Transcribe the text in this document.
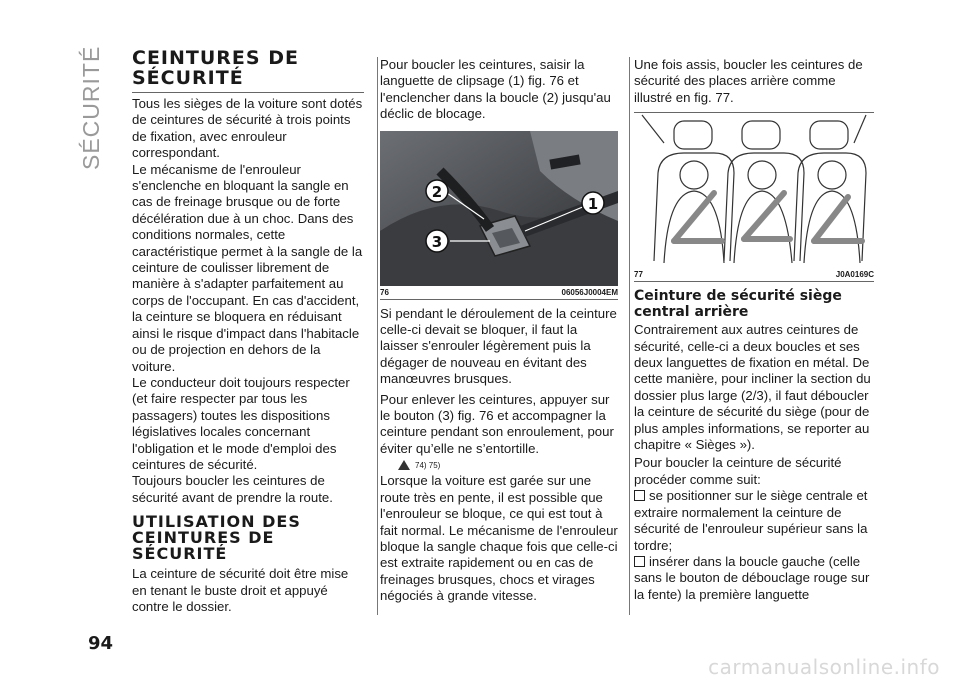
SÉCURITÉ
94
CEINTURES DE SÉCURITÉ

Tous les sièges de la voiture sont dotés de ceintures de sécurité à trois points de fixation, avec enrouleur correspondant.

Le mécanisme de l'enrouleur s'enclenche en bloquant la sangle en cas de freinage brusque ou de forte décélération due à un choc. Dans des conditions normales, cette caractéristique permet à la sangle de la ceinture de coulisser librement de manière à s'adapter parfaitement au corps de l'occupant. En cas d'accident, la ceinture se bloquera en réduisant ainsi le risque d'impact dans l'habitacle ou de projection en dehors de la voiture.

Le conducteur doit toujours respecter (et faire respecter par tous les passagers) toutes les dispositions législatives locales concernant l'obligation et le mode d'emploi des ceintures de sécurité.

Toujours boucler les ceintures de sécurité avant de prendre la route.

UTILISATION DES CEINTURES DE SÉCURITÉ

La ceinture de sécurité doit être mise en tenant le buste droit et appuyé contre le dossier.

Pour boucler les ceintures, saisir la languette de clipsage (1) fig. 76 et l'enclencher dans la boucle (2) jusqu'au déclic de blocage.

2
1
3
76	06056J0004EM

Si pendant le déroulement de la ceinture celle-ci devait se bloquer, il faut la laisser s'enrouler légèrement puis la dégager de nouveau en évitant des manœuvres brusques.

Pour enlever les ceintures, appuyer sur le bouton (3) fig. 76 et accompagner la ceinture pendant son enroulement, pour éviter qu’elle ne s’entortille.

74) 75)

Lorsque la voiture est garée sur une route très en pente, il est possible que l'enrouleur se bloque, ce qui est tout à fait normal. Le mécanisme de l'enrouleur bloque la sangle chaque fois que celle-ci est extraite rapidement ou en cas de freinages brusques, chocs et virages négociés à grande vitesse.

Une fois assis, boucler les ceintures de sécurité des places arrière comme illustré en fig. 77.

77	J0A0169C
Ceinture de sécurité siège central arrière

Contrairement aux autres ceintures de sécurité, celle-ci a deux boucles et ses deux languettes de fixation en métal. De cette manière, pour incliner la section du dossier plus large (2/3), il faut déboucler la ceinture de sécurité du siège (pour de plus amples informations, se reporter au chapitre « Sièges »).

Pour boucler la ceinture de sécurité procéder comme suit:

se positionner sur le siège centrale et extraire normalement la ceinture de sécurité de l'enrouleur supérieur sans la tordre;

insérer dans la boucle gauche (celle sans le bouton de débouclage rouge sur la fente) la première languette

carmanualsonline.info
